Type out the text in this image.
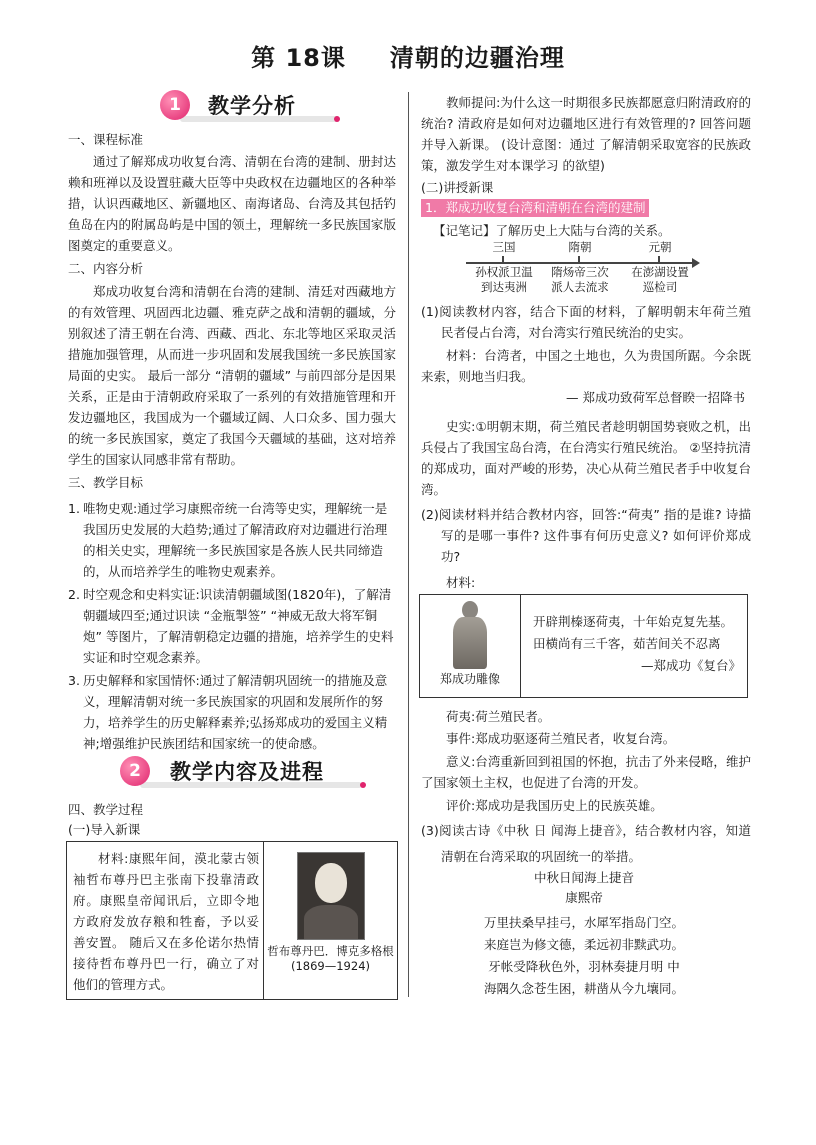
第 18课 清朝的边疆治理
1	教学分析
一、课程标准
通过了解郑成功收复台湾、清朝在台湾的建制、册封达赖和班禅以及设置驻藏大臣等中央政权在边疆地区的各种举措，认识西藏地区、新疆地区、南海诸岛、台湾及其包括钓鱼岛在内的附属岛屿是中国的领土，理解统一多民族国家版图奠定的重要意义。
二、内容分析
郑成功收复台湾和清朝在台湾的建制、清廷对西藏地方的有效管理、巩固西北边疆、雅克萨之战和清朝的疆域，分别叙述了清王朝在台湾、西藏、西北、东北等地区采取灵活措施加强管理，从而进一步巩固和发展我国统一多民族国家局面的史实。 最后一部分 “清朝的疆域” 与前四部分是因果关系，正是由于清朝政府采取了一系列的有效措施管理和开发边疆地区，我国成为一个疆域辽阔、人口众多、国力强大的统一多民族国家，奠定了我国今天疆域的基础，这对培养学生的国家认同感非常有帮助。
三、教学目标
1. 唯物史观:通过学习康熙帝统一台湾等史实，理解统一是我国历史发展的大趋势;通过了解清政府对边疆进行治理的相关史实，理解统一多民族国家是各族人民共同缔造的，从而培养学生的唯物史观素养。
2. 时空观念和史料实证:识读清朝疆域图(1820年)，了解清朝疆域四至;通过识读 “金瓶掣签” “神威无敌大将军铜炮” 等图片，了解清朝稳定边疆的措施，培养学生的史料实证和时空观念素养。
3. 历史解释和家国情怀:通过了解清朝巩固统一的措施及意义，理解清朝对统一多民族国家的巩固和发展所作的努力，培养学生的历史解释素养;弘扬郑成功的爱国主义精神;增强维护民族团结和国家统一的使命感。
2	教学内容及进程
四、教学过程
(一)导入新课
材料:康熙年间，漠北蒙古领袖哲布尊丹巴主张南下投靠清政府。康熙皇帝闻讯后，立即令地方政府发放存粮和牲畜，予以妥善安置。 随后又在多伦诺尔热情接待哲布尊丹巴一行，确立了对他们的管理方式。

哲布尊丹巴．博克多格根
(1869—1924)
教师提问:为什么这一时期很多民族都愿意归附清政府的统治? 清政府是如何对边疆地区进行有效管理的? 回答问题并导入新课。 (设计意图：通过 了解清朝采取宽容的民族政策，激发学生对本课学习 的欲望)
(二)讲授新课
1．郑成功收复台湾和清朝在台湾的建制
【记笔记】了解历史上大陆与台湾的关系。
三国
孙权派卫温
到达夷洲
隋朝
隋炀帝三次
派人去流求
元朝
在澎湖设置
巡检司
(1)阅读教材内容，结合下面的材料，了解明朝末年荷兰殖民者侵占台湾，对台湾实行殖民统治的史实。
材料：台湾者，中国之土地也，久为贵国所踞。今余既来索，则地当归我。
— 郑成功致荷军总督睽一招降书
史实:①明朝末期，荷兰殖民者趁明朝国势衰败之机，出兵侵占了我国宝岛台湾，在台湾实行殖民统治。 ②坚持抗清的郑成功，面对严峻的形势，决心从荷兰殖民者手中收复台湾。
(2)阅读材料并结合教材内容，回答:“荷夷” 指的是谁? 诗描写的是哪一事件? 这件事有何历史意义? 如何评价郑成功?
材料:
郑成功雕像

开辟荆榛逐荷夷，十年始克复先基。
田横尚有三千客，茹苦间关不忍离
—郑成功《复台》
荷夷:荷兰殖民者。
事件:郑成功驱逐荷兰殖民者，收复台湾。
意义:台湾重新回到祖国的怀抱，抗击了外来侵略，维护了国家领土主权，也促进了台湾的开发。
评价:郑成功是我国历史上的民族英雄。
(3)阅读古诗《中秋 日 闻海上捷音》，结合教材内容，知道清朝在台湾采取的巩固统一的举措。
中秋日闻海上捷音
康熙帝
万里扶桑早挂弓，水犀军指岛门空。
来庭岂为修文德，柔远初非黩武功。
牙帐受降秋色外，羽林奏捷月明 中
海隅久念苍生困，耕凿从今九壤同。
